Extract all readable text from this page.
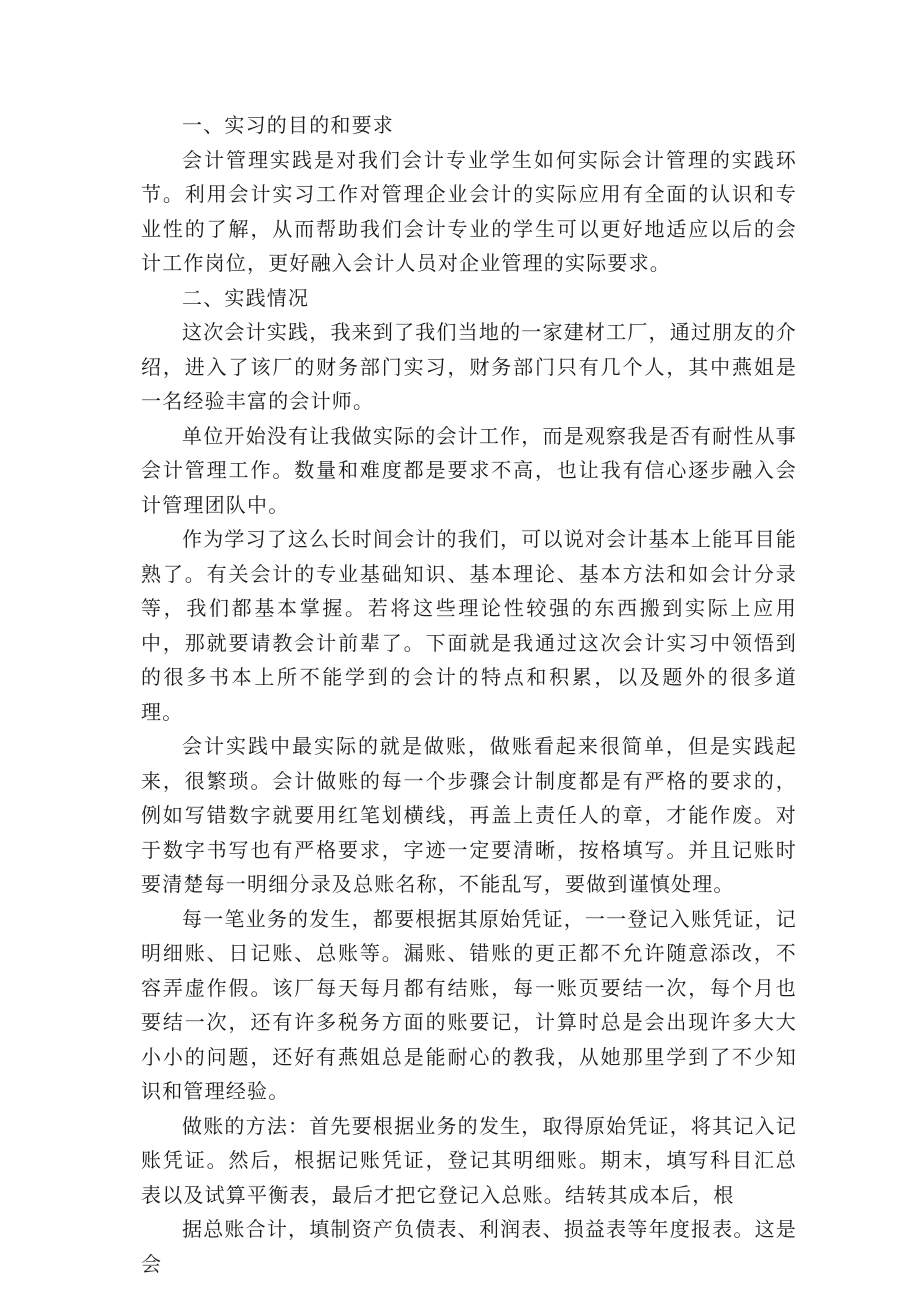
一、实习的目的和要求

会计管理实践是对我们会计专业学生如何实际会计管理的实践环节。利用会计实习工作对管理企业会计的实际应用有全面的认识和专业性的了解，从而帮助我们会计专业的学生可以更好地适应以后的会计工作岗位，更好融入会计人员对企业管理的实际要求。

二、实践情况

这次会计实践，我来到了我们当地的一家建材工厂，通过朋友的介绍，进入了该厂的财务部门实习，财务部门只有几个人，其中燕姐是一名经验丰富的会计师。

单位开始没有让我做实际的会计工作，而是观察我是否有耐性从事会计管理工作。数量和难度都是要求不高，也让我有信心逐步融入会计管理团队中。

作为学习了这么长时间会计的我们，可以说对会计基本上能耳目能熟了。有关会计的专业基础知识、基本理论、基本方法和如会计分录等，我们都基本掌握。若将这些理论性较强的东西搬到实际上应用中，那就要请教会计前辈了。下面就是我通过这次会计实习中领悟到的很多书本上所不能学到的会计的特点和积累，以及题外的很多道理。

会计实践中最实际的就是做账，做账看起来很简单，但是实践起来，很繁琐。会计做账的每一个步骤会计制度都是有严格的要求的，例如写错数字就要用红笔划横线，再盖上责任人的章，才能作废。对于数字书写也有严格要求，字迹一定要清晰，按格填写。并且记账时要清楚每一明细分录及总账名称，不能乱写，要做到谨慎处理。

每一笔业务的发生，都要根据其原始凭证，一一登记入账凭证，记明细账、日记账、总账等。漏账、错账的更正都不允许随意添改，不容弄虚作假。该厂每天每月都有结账，每一账页要结一次，每个月也要结一次，还有许多税务方面的账要记，计算时总是会出现许多大大小小的问题，还好有燕姐总是能耐心的教我，从她那里学到了不少知识和管理经验。

做账的方法：首先要根据业务的发生，取得原始凭证，将其记入记账凭证。然后，根据记账凭证，登记其明细账。期末，填写科目汇总表以及试算平衡表，最后才把它登记入总账。结转其成本后，根

据总账合计，填制资产负债表、利润表、损益表等年度报表。这是会
